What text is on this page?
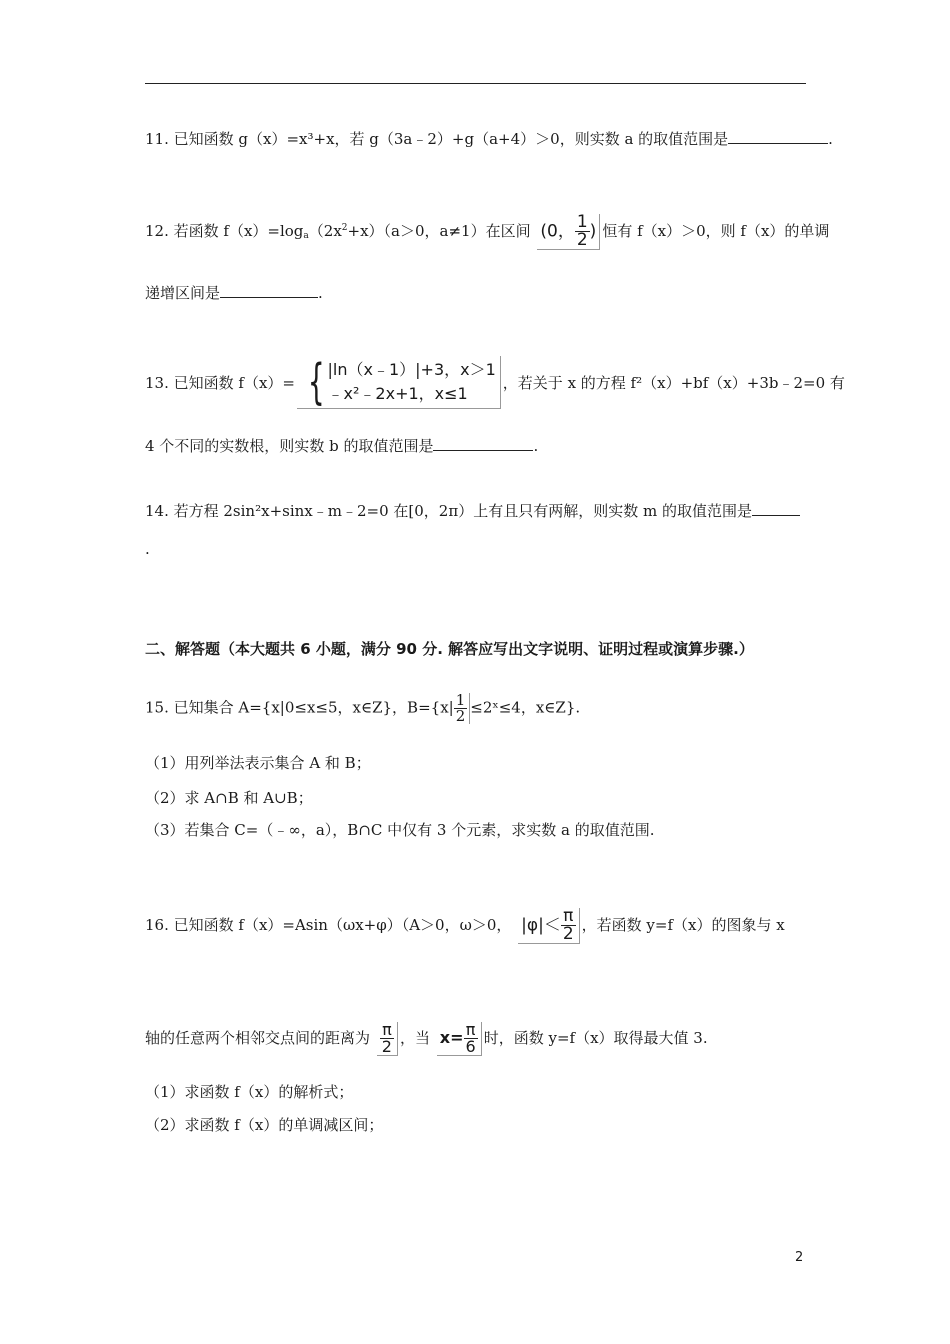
11. 已知函数 g（x）=x³+x，若 g（3a﹣2）+g（a+4）＞0，则实数 a 的取值范围是	.
12. 若函数 $f(x)=\log_a(2x^2+x)(a>0$，a≠1）在区间 (0， $\frac{1}{2}$ ) 恒有 f（x）＞0，则 f（x）的单调
递增区间是	.
13. 已知函数 f（x）= { |ln（x﹣1）|+3，x＞1
﹣x²﹣2x+1，x≤1
，若关于 x 的方程 f²（x）+bf（x）+3b﹣2=0 有
4 个不同的实数根，则实数 b 的取值范围是	.
14. 若方程 2sin²x+sinx﹣m﹣2=0 在[0，2π）上有且只有两解，则实数 m 的取值范围是
.
二、解答题（本大题共 6 小题，满分 90 分. 解答应写出文字说明、证明过程或演算步骤.）
15. 已知集合 A={x|0≤x≤5，x∈Z}，$B=\{x| \frac{1}{2}$ ≤2ˣ≤4，x∈Z}.
（1）用列举法表示集合 A 和 B；
（2）求 A∩B 和 A∪B；
（3）若集合 C=（﹣∞，a），B∩C 中仅有 3 个元素，求实数 a 的取值范围.
16. 已知函数 f（x）=Asin（ωx+φ）（A＞0，ω＞0， $|\varphi|< \frac{\pi}{2}$ ，若函数 y=f（x）的图象与 x
轴的任意两个相邻交点间的距离为 $\frac{\pi}{2}$ ，当 $x= \frac{\pi}{6}$ 时，函数 y=f（x）取得最大值 3.
（1）求函数 f（x）的解析式；
（2）求函数 f（x）的单调减区间；
2
